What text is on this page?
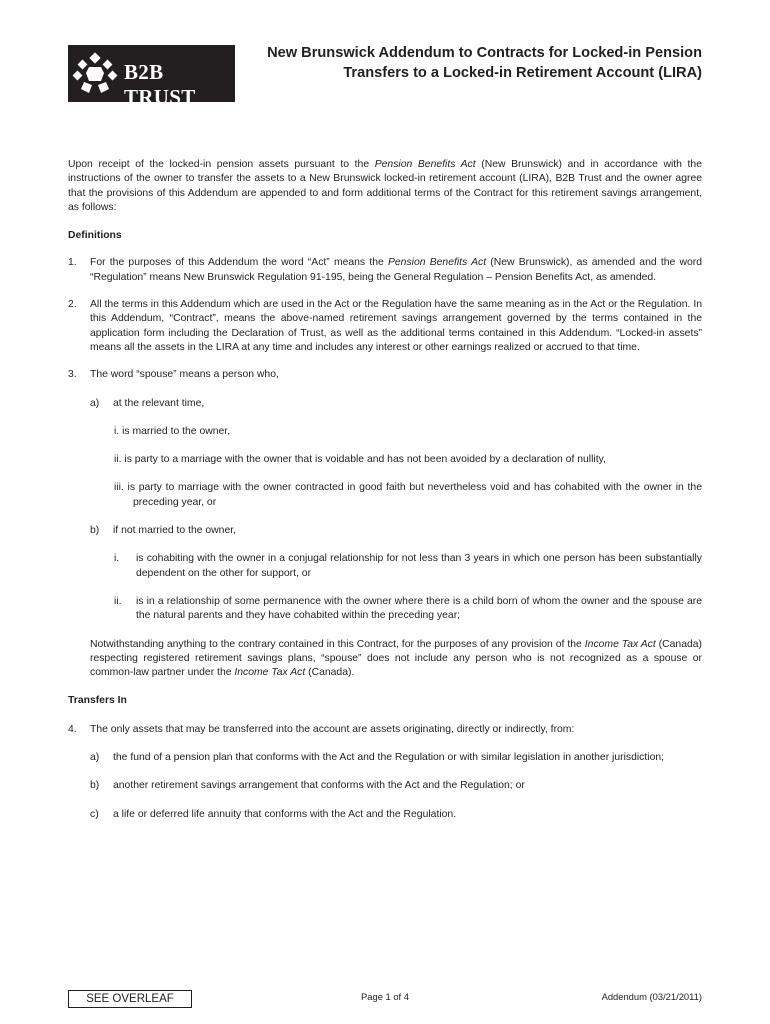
B2B TRUST
New Brunswick Addendum to Contracts for Locked-in Pension
Transfers to a Locked-in Retirement Account (LIRA)

Upon receipt of the locked-in pension assets pursuant to the Pension Benefits Act (New Brunswick) and in accordance with the instructions of the owner to transfer the assets to a New Brunswick locked-in retirement account (LIRA), B2B Trust and the owner agree that the provisions of this Addendum are appended to and form additional terms of the Contract for this retirement savings arrangement, as follows:

Definitions

1. For the purposes of this Addendum the word “Act” means the Pension Benefits Act (New Brunswick), as amended and the word “Regulation” means New Brunswick Regulation 91-195, being the General Regulation – Pension Benefits Act, as amended.

2. All the terms in this Addendum which are used in the Act or the Regulation have the same meaning as in the Act or the Regulation. In this Addendum, “Contract”, means the above-named retirement savings arrangement governed by the terms contained in the application form including the Declaration of Trust, as well as the additional terms contained in this Addendum. “Locked-in assets” means all the assets in the LIRA at any time and includes any interest or other earnings realized or accrued to that time.

3. The word “spouse” means a person who,

a) at the relevant time,

i. is married to the owner,

ii. is party to a marriage with the owner that is voidable and has not been avoided by a declaration of nullity,

iii. is party to marriage with the owner contracted in good faith but nevertheless void and has cohabited with the owner in the preceding year, or

b) if not married to the owner,

i. is cohabiting with the owner in a conjugal relationship for not less than 3 years in which one person has been substantially dependent on the other for support, or

ii. is in a relationship of some permanence with the owner where there is a child born of whom the owner and the spouse are the natural parents and they have cohabited within the preceding year;

Notwithstanding anything to the contrary contained in this Contract, for the purposes of any provision of the Income Tax Act (Canada) respecting registered retirement savings plans, “spouse” does not include any person who is not recognized as a spouse or common-law partner under the Income Tax Act (Canada).

Transfers In

4. The only assets that may be transferred into the account are assets originating, directly or indirectly, from:

a) the fund of a pension plan that conforms with the Act and the Regulation or with similar legislation in another jurisdiction;

b) another retirement savings arrangement that conforms with the Act and the Regulation; or

c) a life or deferred life annuity that conforms with the Act and the Regulation.

SEE OVERLEAF	Page 1 of 4	Addendum (03/21/2011)
